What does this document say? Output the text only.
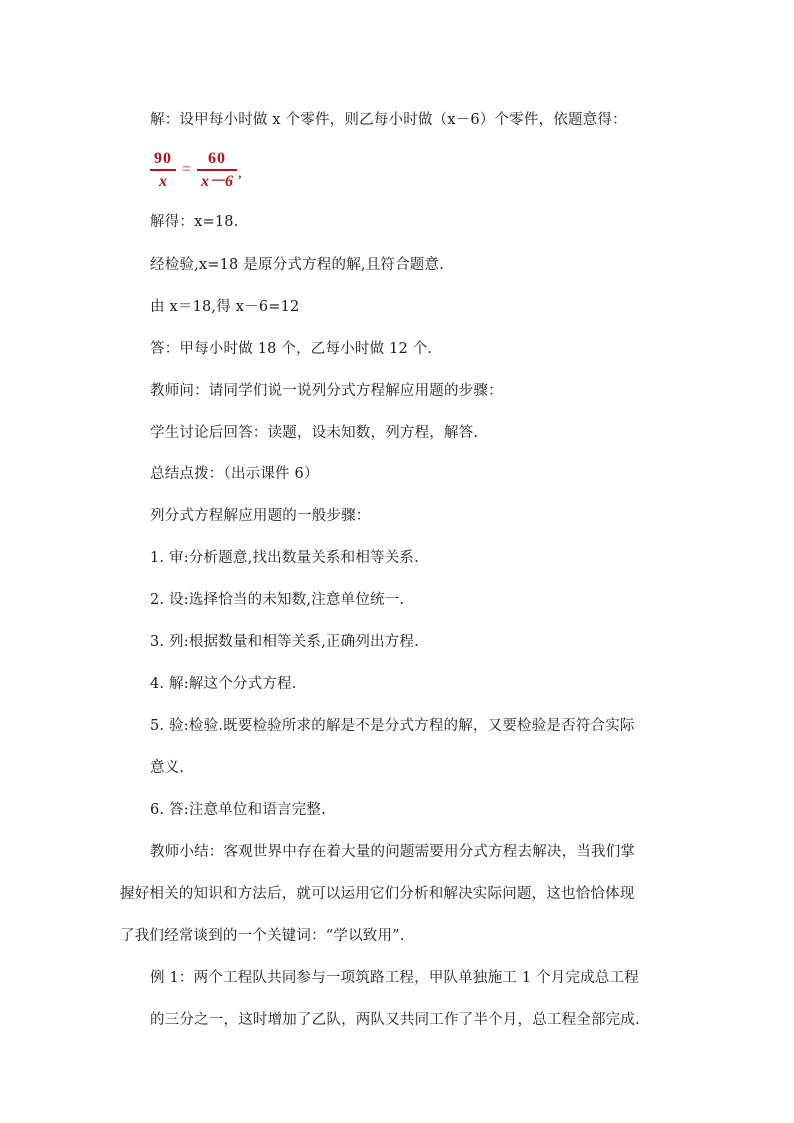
解：设甲每小时做 x 个零件，则乙每小时做（x－6）个零件，依题意得：
$\frac{90}{x} = \frac{60}{x-6}$ ,
解得：x=18.
经检验,x=18 是原分式方程的解,且符合题意.
由 x＝18,得 x－6=12
答：甲每小时做 18 个，乙每小时做 12 个.
教师问：请同学们说一说列分式方程解应用题的步骤：
学生讨论后回答：读题，设未知数，列方程，解答.
总结点拨：（出示课件 6）
列分式方程解应用题的一般步骤：
1. 审:分析题意,找出数量关系和相等关系.
2. 设:选择恰当的未知数,注意单位统一.
3. 列:根据数量和相等关系,正确列出方程.
4. 解:解这个分式方程.
5. 验:检验.既要检验所求的解是不是分式方程的解，又要检验是否符合实际
意义.
6. 答:注意单位和语言完整.
教师小结：客观世界中存在着大量的问题需要用分式方程去解决，当我们掌
握好相关的知识和方法后，就可以运用它们分析和解决实际问题，这也恰恰体现
了我们经常谈到的一个关键词：“学以致用”.
例 1：两个工程队共同参与一项筑路工程，甲队单独施工 1 个月完成总工程
的三分之一，这时增加了乙队，两队又共同工作了半个月，总工程全部完成.
